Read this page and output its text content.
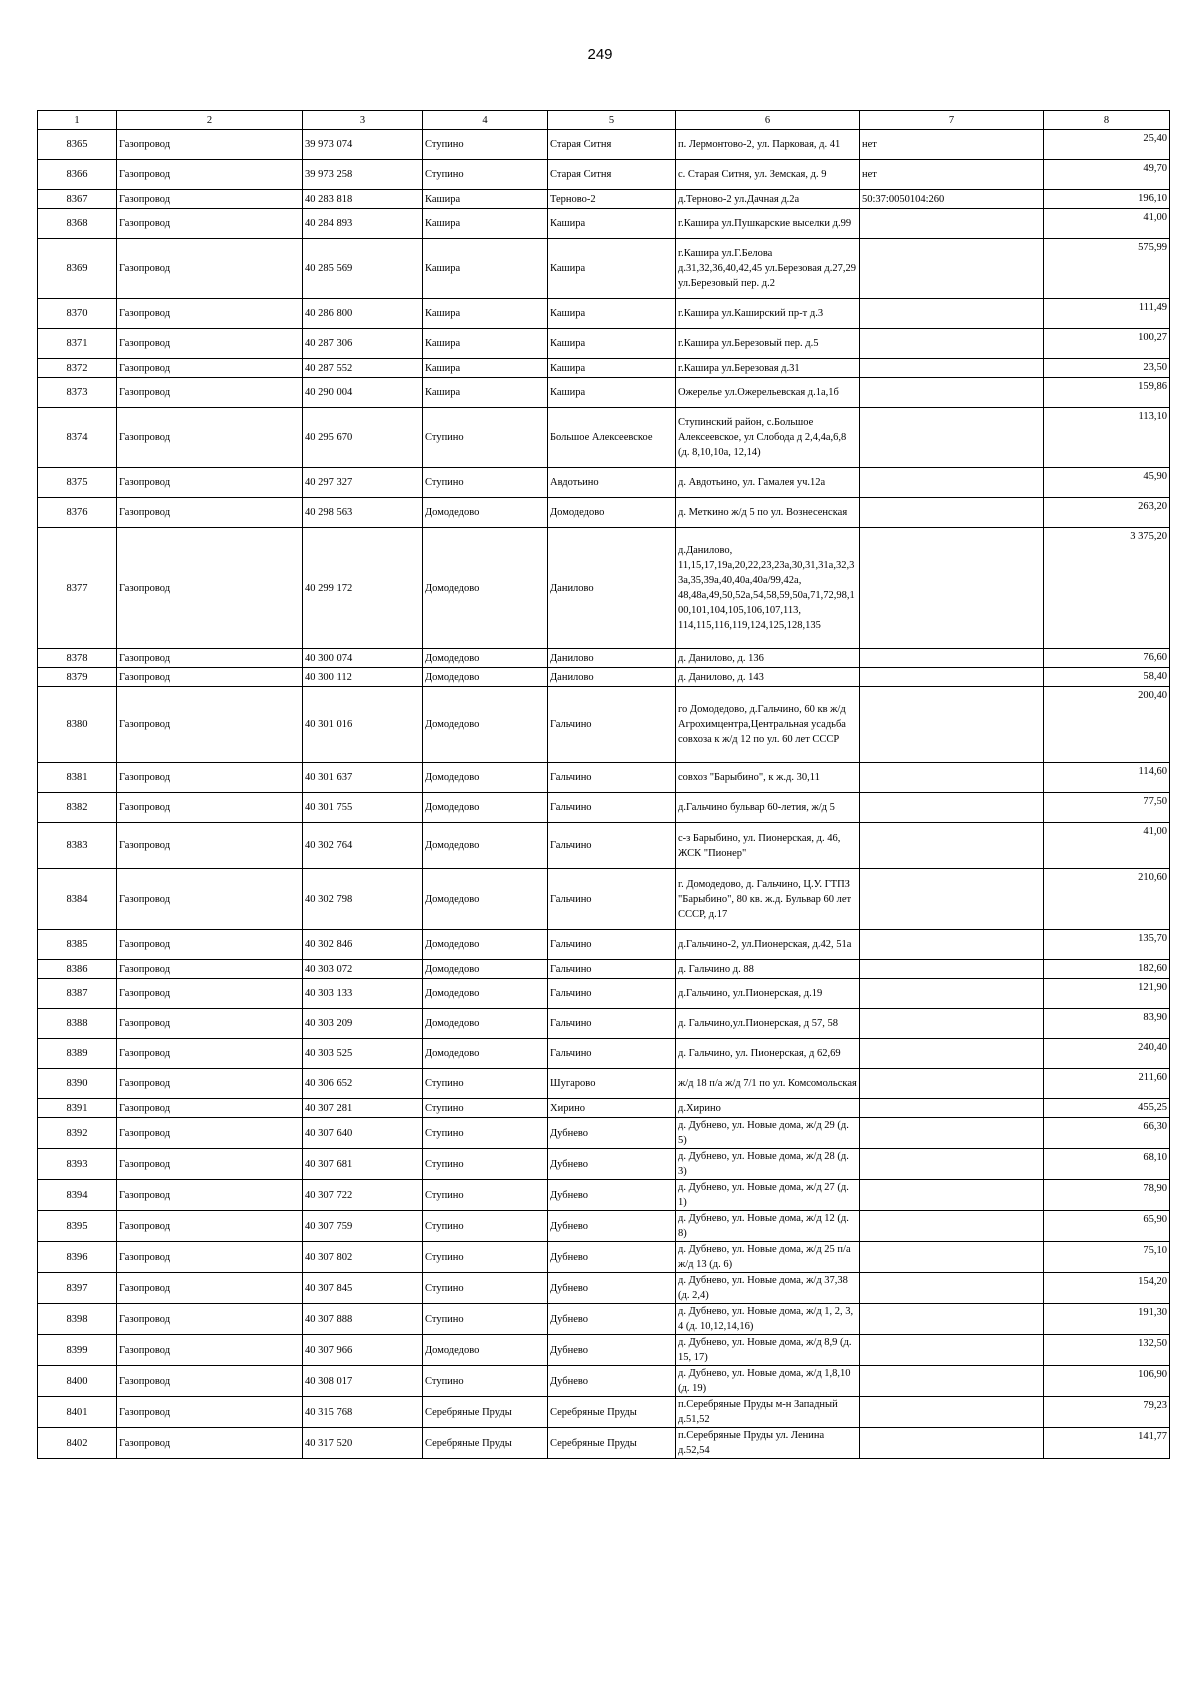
249
1	2	3	4	5	6	7	8
8365	Газопровод	39 973 074	Ступино	Старая Ситня	п. Лермонтово-2, ул. Парковая, д. 41	нет	25,40
8366	Газопровод	39 973 258	Ступино	Старая Ситня	с. Старая Ситня, ул. Земская, д. 9	нет	49,70
8367	Газопровод	40 283 818	Кашира	Терново-2	д.Терново-2 ул.Дачная д.2а	50:37:0050104:260	196,10
8368	Газопровод	40 284 893	Кашира	Кашира	г.Кашира ул.Пушкарские выселки д.99		41,00
8369	Газопровод	40 285 569	Кашира	Кашира	г.Кашира ул.Г.Белова д.31,32,36,40,42,45 ул.Березовая д.27,29 ул.Березовый пер. д.2		575,99
8370	Газопровод	40 286 800	Кашира	Кашира	г.Кашира ул.Каширский пр-т д.3		111,49
8371	Газопровод	40 287 306	Кашира	Кашира	г.Кашира ул.Березовый пер. д.5		100,27
8372	Газопровод	40 287 552	Кашира	Кашира	г.Кашира ул.Березовая д.31		23,50
8373	Газопровод	40 290 004	Кашира	Кашира	Ожерелье ул.Ожерельевская д.1а,1б		159,86
8374	Газопровод	40 295 670	Ступино	Большое Алексеевское	Ступинский район, с.Большое Алексеевское, ул Слобода д 2,4,4а,6,8 (д. 8,10,10а, 12,14)		113,10
8375	Газопровод	40 297 327	Ступино	Авдотьино	д. Авдотьино, ул. Гамалея уч.12а		45,90
8376	Газопровод	40 298 563	Домодедово	Домодедово	д. Меткино ж/д 5 по ул. Вознесенская		263,20
8377	Газопровод	40 299 172	Домодедово	Данилово	д.Данилово, 11,15,17,19а,20,22,23,23а,30,31,31а,32,33а,35,39а,40,40а,40а/99,42а, 48,48а,49,50,52а,54,58,59,50а,71,72,98,100,101,104,105,106,107,113, 114,115,116,119,124,125,128,135		3 375,20
8378	Газопровод	40 300 074	Домодедово	Данилово	д. Данилово, д. 136		76,60
8379	Газопровод	40 300 112	Домодедово	Данилово	д. Данилово, д. 143		58,40
8380	Газопровод	40 301 016	Домодедово	Гальчино	го Домодедово, д.Гальчино, 60 кв ж/д Агрохимцентра,Центральная усадьба совхоза к ж/д 12 по ул. 60 лет СССР		200,40
8381	Газопровод	40 301 637	Домодедово	Гальчино	совхоз "Барыбино", к ж.д. 30,11		114,60
8382	Газопровод	40 301 755	Домодедово	Гальчино	д.Гальчино бульвар 60-летия, ж/д 5		77,50
8383	Газопровод	40 302 764	Домодедово	Гальчино	с-з Барыбино, ул. Пионерская, д. 46, ЖСК "Пионер"		41,00
8384	Газопровод	40 302 798	Домодедово	Гальчино	г. Домодедово, д. Гальчино, Ц.У. ГТПЗ "Барыбино", 80 кв. ж.д. Бульвар 60 лет СССР, д.17		210,60
8385	Газопровод	40 302 846	Домодедово	Гальчино	д.Гальчино-2, ул.Пионерская, д.42, 51а		135,70
8386	Газопровод	40 303 072	Домодедово	Гальчино	д. Гальчино д. 88		182,60
8387	Газопровод	40 303 133	Домодедово	Гальчино	д.Гальчино, ул.Пионерская, д.19		121,90
8388	Газопровод	40 303 209	Домодедово	Гальчино	д. Гальчино,ул.Пионерская, д 57, 58		83,90
8389	Газопровод	40 303 525	Домодедово	Гальчино	д. Гальчино, ул. Пионерская, д 62,69		240,40
8390	Газопровод	40 306 652	Ступино	Шугарово	ж/д 18 п/а ж/д 7/1 по ул. Комсомольская		211,60
8391	Газопровод	40 307 281	Ступино	Хирино	д.Хирино		455,25
8392	Газопровод	40 307 640	Ступино	Дубнево	д. Дубнево, ул. Новые дома, ж/д 29 (д. 5)		66,30
8393	Газопровод	40 307 681	Ступино	Дубнево	д. Дубнево, ул. Новые дома, ж/д 28 (д. 3)		68,10
8394	Газопровод	40 307 722	Ступино	Дубнево	д. Дубнево, ул. Новые дома, ж/д 27 (д. 1)		78,90
8395	Газопровод	40 307 759	Ступино	Дубнево	д. Дубнево, ул. Новые дома, ж/д 12 (д. 8)		65,90
8396	Газопровод	40 307 802	Ступино	Дубнево	д. Дубнево, ул. Новые дома, ж/д 25 п/а ж/д 13 (д. 6)		75,10
8397	Газопровод	40 307 845	Ступино	Дубнево	д. Дубнево, ул. Новые дома, ж/д 37,38 (д. 2,4)		154,20
8398	Газопровод	40 307 888	Ступино	Дубнево	д. Дубнево, ул. Новые дома, ж/д 1, 2, 3, 4 (д. 10,12,14,16)		191,30
8399	Газопровод	40 307 966	Домодедово	Дубнево	д. Дубнево, ул. Новые дома, ж/д 8,9 (д. 15, 17)		132,50
8400	Газопровод	40 308 017	Ступино	Дубнево	д. Дубнево, ул. Новые дома, ж/д 1,8,10 (д. 19)		106,90
8401	Газопровод	40 315 768	Серебряные Пруды	Серебряные Пруды	п.Серебряные Пруды м-н Западный д.51,52		79,23
8402	Газопровод	40 317 520	Серебряные Пруды	Серебряные Пруды	п.Серебряные Пруды ул. Ленина д.52,54		141,77
